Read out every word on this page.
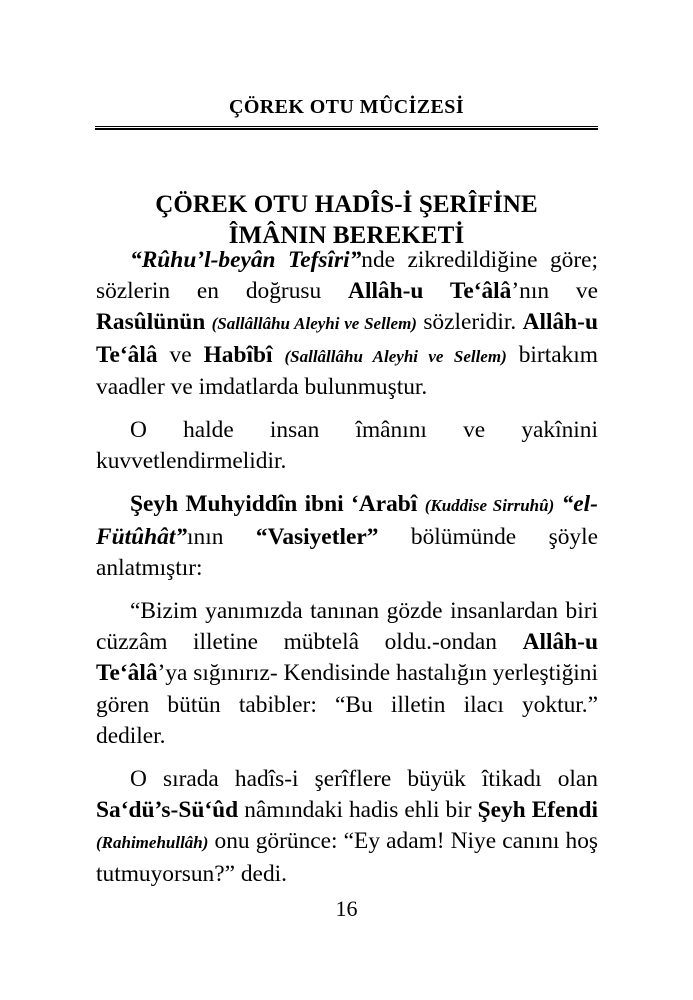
ÇÖREK OTU MÛCİZESİ
ÇÖREK OTU HADÎS-İ ŞERÎFİNE
ÎMÂNIN BEREKETİ

“Rûhu’l-beyân Tefsîri”nde zikredildiğine göre; sözlerin en doğrusu Allâh-u Te‘âlâ’nın ve Rasûlünün (Sallâllâhu Aleyhi ve Sellem) sözleridir. Allâh-u Te‘âlâ ve Habîbî (Sallâllâhu Aleyhi ve Sellem) birtakım vaadler ve imdatlarda bulunmuştur.

O halde insan îmânını ve yakînini kuvvetlendirmelidir.

Şeyh Muhyiddîn ibni ‘Arabî (Kuddise Sirruhû) “el-Fütûhât”ının “Vasiyetler” bölümünde şöyle anlatmıştır:

“Bizim yanımızda tanınan gözde insanlardan biri cüzzâm illetine mübtelâ oldu.-ondan Allâh-u Te‘âlâ’ya sığınırız- Kendisinde hastalığın yerleştiğini gören bütün tabibler: “Bu illetin ilacı yoktur.” dediler.

O sırada hadîs-i şerîflere büyük îtikadı olan Sa‘dü’s-Sü‘ûd nâmındaki hadis ehli bir Şeyh Efendi (Rahimehullâh) onu görünce: “Ey adam! Niye canını hoş tutmuyorsun?” dedi.

16
